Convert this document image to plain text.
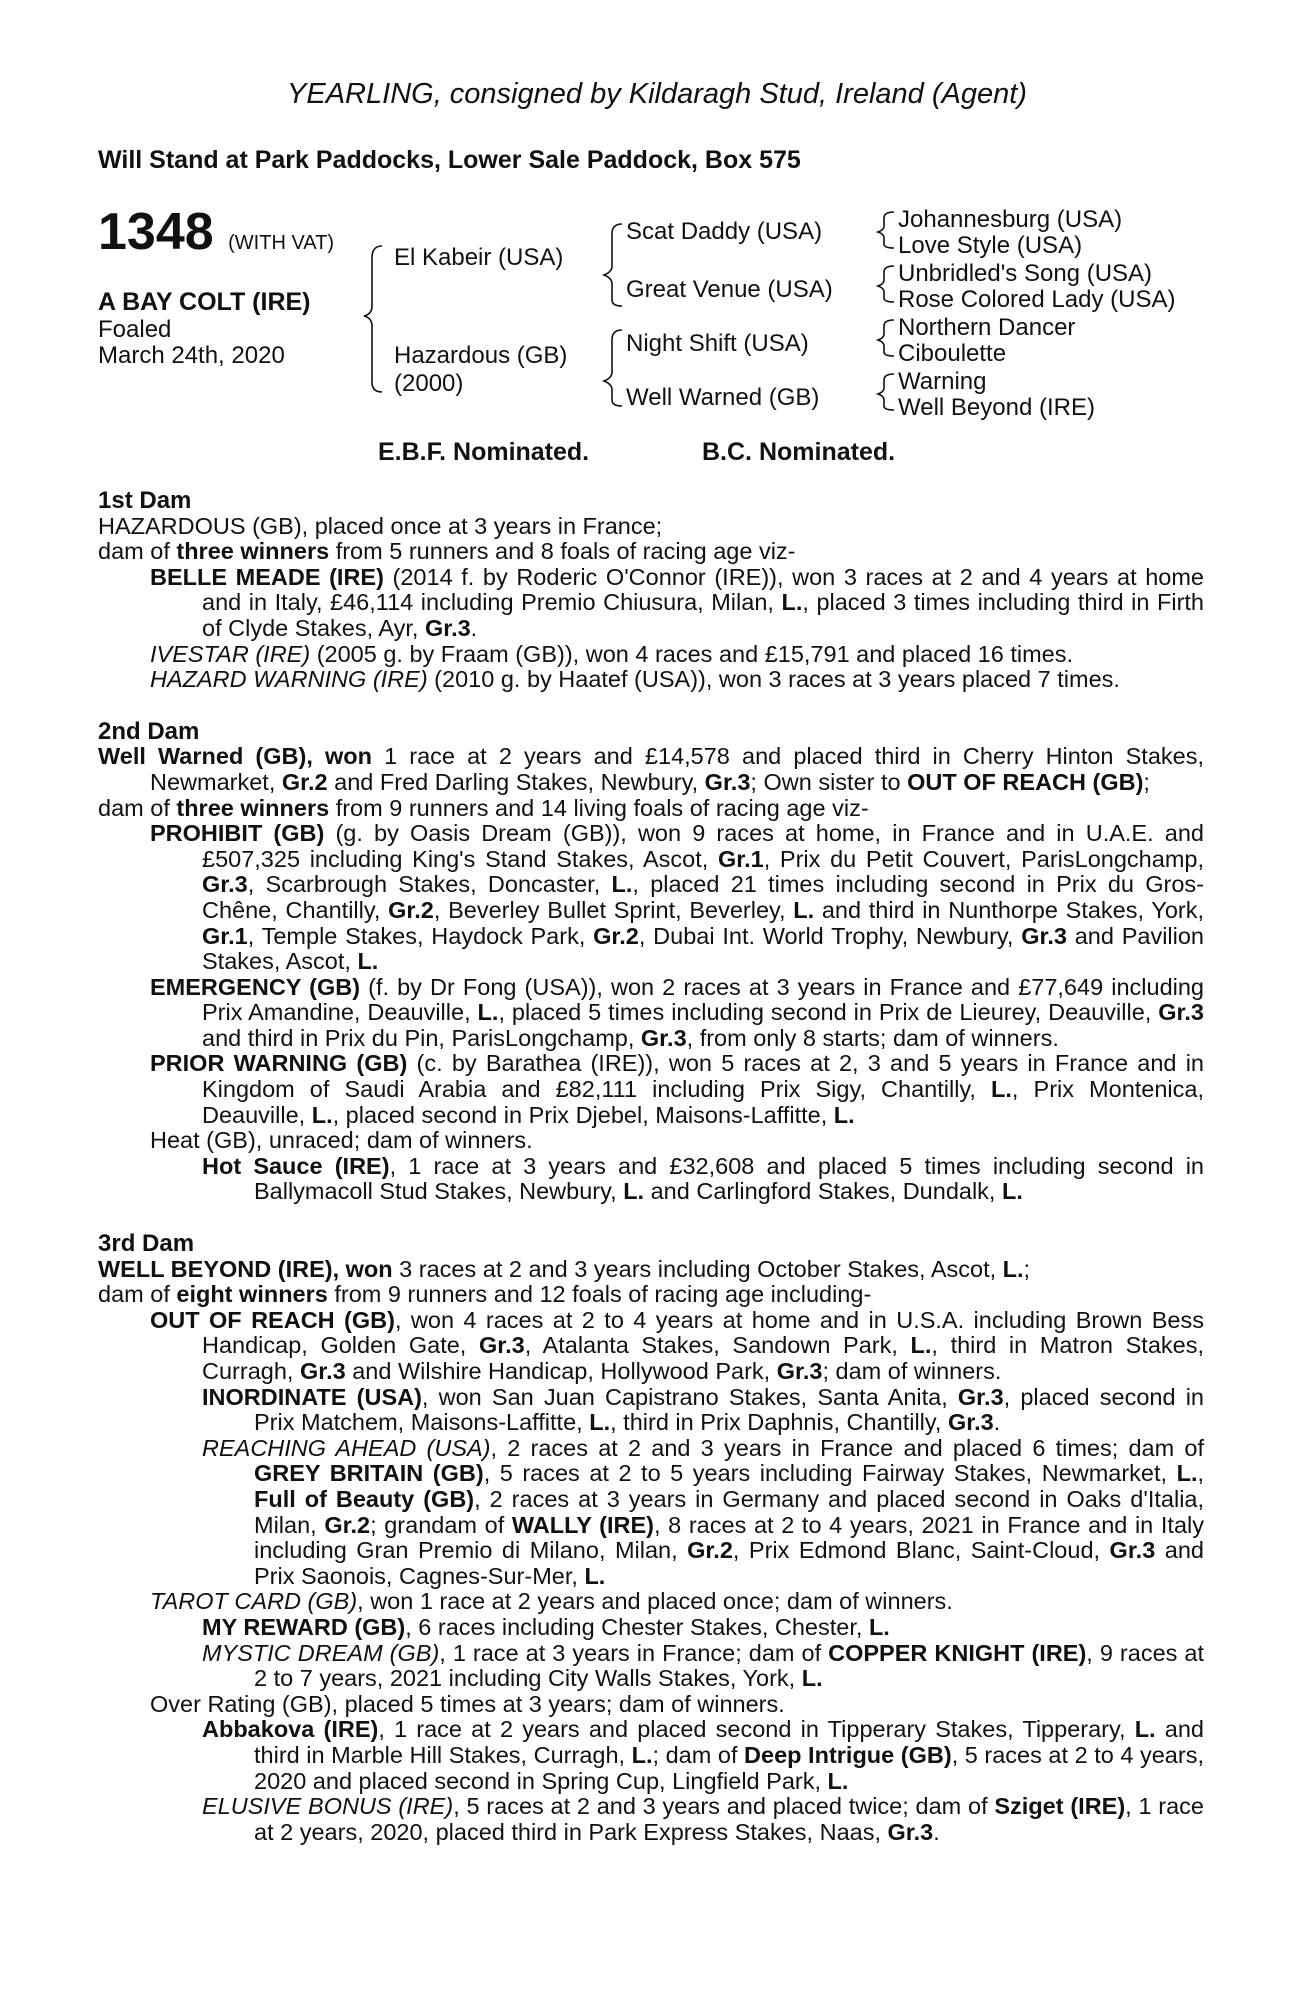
YEARLING, consigned by Kildaragh Stud, Ireland (Agent)
Will Stand at Park Paddocks, Lower Sale Paddock, Box 575
1348 (WITH VAT)
A BAY COLT (IRE)
Foaled
March 24th, 2020
El Kabeir (USA)
Hazardous (GB)
(2000)
Scat Daddy (USA)
Great Venue (USA)
Night Shift (USA)
Well Warned (GB)
Johannesburg (USA)
Love Style (USA)
Unbridled's Song (USA)
Rose Colored Lady (USA)
Northern Dancer
Ciboulette
Warning
Well Beyond (IRE)
E.B.F. Nominated.	B.C. Nominated.
1st Dam
HAZARDOUS (GB), placed once at 3 years in France;
dam of three winners from 5 runners and 8 foals of racing age viz-
BELLE MEADE (IRE) (2014 f. by Roderic O'Connor (IRE)), won 3 races at 2 and 4 years at home and in Italy, £46,114 including Premio Chiusura, Milan, L., placed 3 times including third in Firth of Clyde Stakes, Ayr, Gr.3.
IVESTAR (IRE) (2005 g. by Fraam (GB)), won 4 races and £15,791 and placed 16 times.
HAZARD WARNING (IRE) (2010 g. by Haatef (USA)), won 3 races at 3 years placed 7 times.
2nd Dam
Well Warned (GB), won 1 race at 2 years and £14,578 and placed third in Cherry Hinton Stakes, Newmarket, Gr.2 and Fred Darling Stakes, Newbury, Gr.3; Own sister to OUT OF REACH (GB);
dam of three winners from 9 runners and 14 living foals of racing age viz-
PROHIBIT (GB) (g. by Oasis Dream (GB)), won 9 races at home, in France and in U.A.E. and £507,325 including King's Stand Stakes, Ascot, Gr.1, Prix du Petit Couvert, ParisLongchamp, Gr.3, Scarbrough Stakes, Doncaster, L., placed 21 times including second in Prix du Gros-Chêne, Chantilly, Gr.2, Beverley Bullet Sprint, Beverley, L. and third in Nunthorpe Stakes, York, Gr.1, Temple Stakes, Haydock Park, Gr.2, Dubai Int. World Trophy, Newbury, Gr.3 and Pavilion Stakes, Ascot, L.
EMERGENCY (GB) (f. by Dr Fong (USA)), won 2 races at 3 years in France and £77,649 including Prix Amandine, Deauville, L., placed 5 times including second in Prix de Lieurey, Deauville, Gr.3 and third in Prix du Pin, ParisLongchamp, Gr.3, from only 8 starts; dam of winners.
PRIOR WARNING (GB) (c. by Barathea (IRE)), won 5 races at 2, 3 and 5 years in France and in Kingdom of Saudi Arabia and £82,111 including Prix Sigy, Chantilly, L., Prix Montenica, Deauville, L., placed second in Prix Djebel, Maisons-Laffitte, L.
Heat (GB), unraced; dam of winners.
Hot Sauce (IRE), 1 race at 3 years and £32,608 and placed 5 times including second in Ballymacoll Stud Stakes, Newbury, L. and Carlingford Stakes, Dundalk, L.
3rd Dam
WELL BEYOND (IRE), won 3 races at 2 and 3 years including October Stakes, Ascot, L.;
dam of eight winners from 9 runners and 12 foals of racing age including-
OUT OF REACH (GB), won 4 races at 2 to 4 years at home and in U.S.A. including Brown Bess Handicap, Golden Gate, Gr.3, Atalanta Stakes, Sandown Park, L., third in Matron Stakes, Curragh, Gr.3 and Wilshire Handicap, Hollywood Park, Gr.3; dam of winners.
INORDINATE (USA), won San Juan Capistrano Stakes, Santa Anita, Gr.3, placed second in Prix Matchem, Maisons-Laffitte, L., third in Prix Daphnis, Chantilly, Gr.3.
REACHING AHEAD (USA), 2 races at 2 and 3 years in France and placed 6 times; dam of GREY BRITAIN (GB), 5 races at 2 to 5 years including Fairway Stakes, Newmarket, L., Full of Beauty (GB), 2 races at 3 years in Germany and placed second in Oaks d'Italia, Milan, Gr.2; grandam of WALLY (IRE), 8 races at 2 to 4 years, 2021 in France and in Italy including Gran Premio di Milano, Milan, Gr.2, Prix Edmond Blanc, Saint-Cloud, Gr.3 and Prix Saonois, Cagnes-Sur-Mer, L.
TAROT CARD (GB), won 1 race at 2 years and placed once; dam of winners.
MY REWARD (GB), 6 races including Chester Stakes, Chester, L.
MYSTIC DREAM (GB), 1 race at 3 years in France; dam of COPPER KNIGHT (IRE), 9 races at 2 to 7 years, 2021 including City Walls Stakes, York, L.
Over Rating (GB), placed 5 times at 3 years; dam of winners.
Abbakova (IRE), 1 race at 2 years and placed second in Tipperary Stakes, Tipperary, L. and third in Marble Hill Stakes, Curragh, L.; dam of Deep Intrigue (GB), 5 races at 2 to 4 years, 2020 and placed second in Spring Cup, Lingfield Park, L.
ELUSIVE BONUS (IRE), 5 races at 2 and 3 years and placed twice; dam of Sziget (IRE), 1 race at 2 years, 2020, placed third in Park Express Stakes, Naas, Gr.3.
